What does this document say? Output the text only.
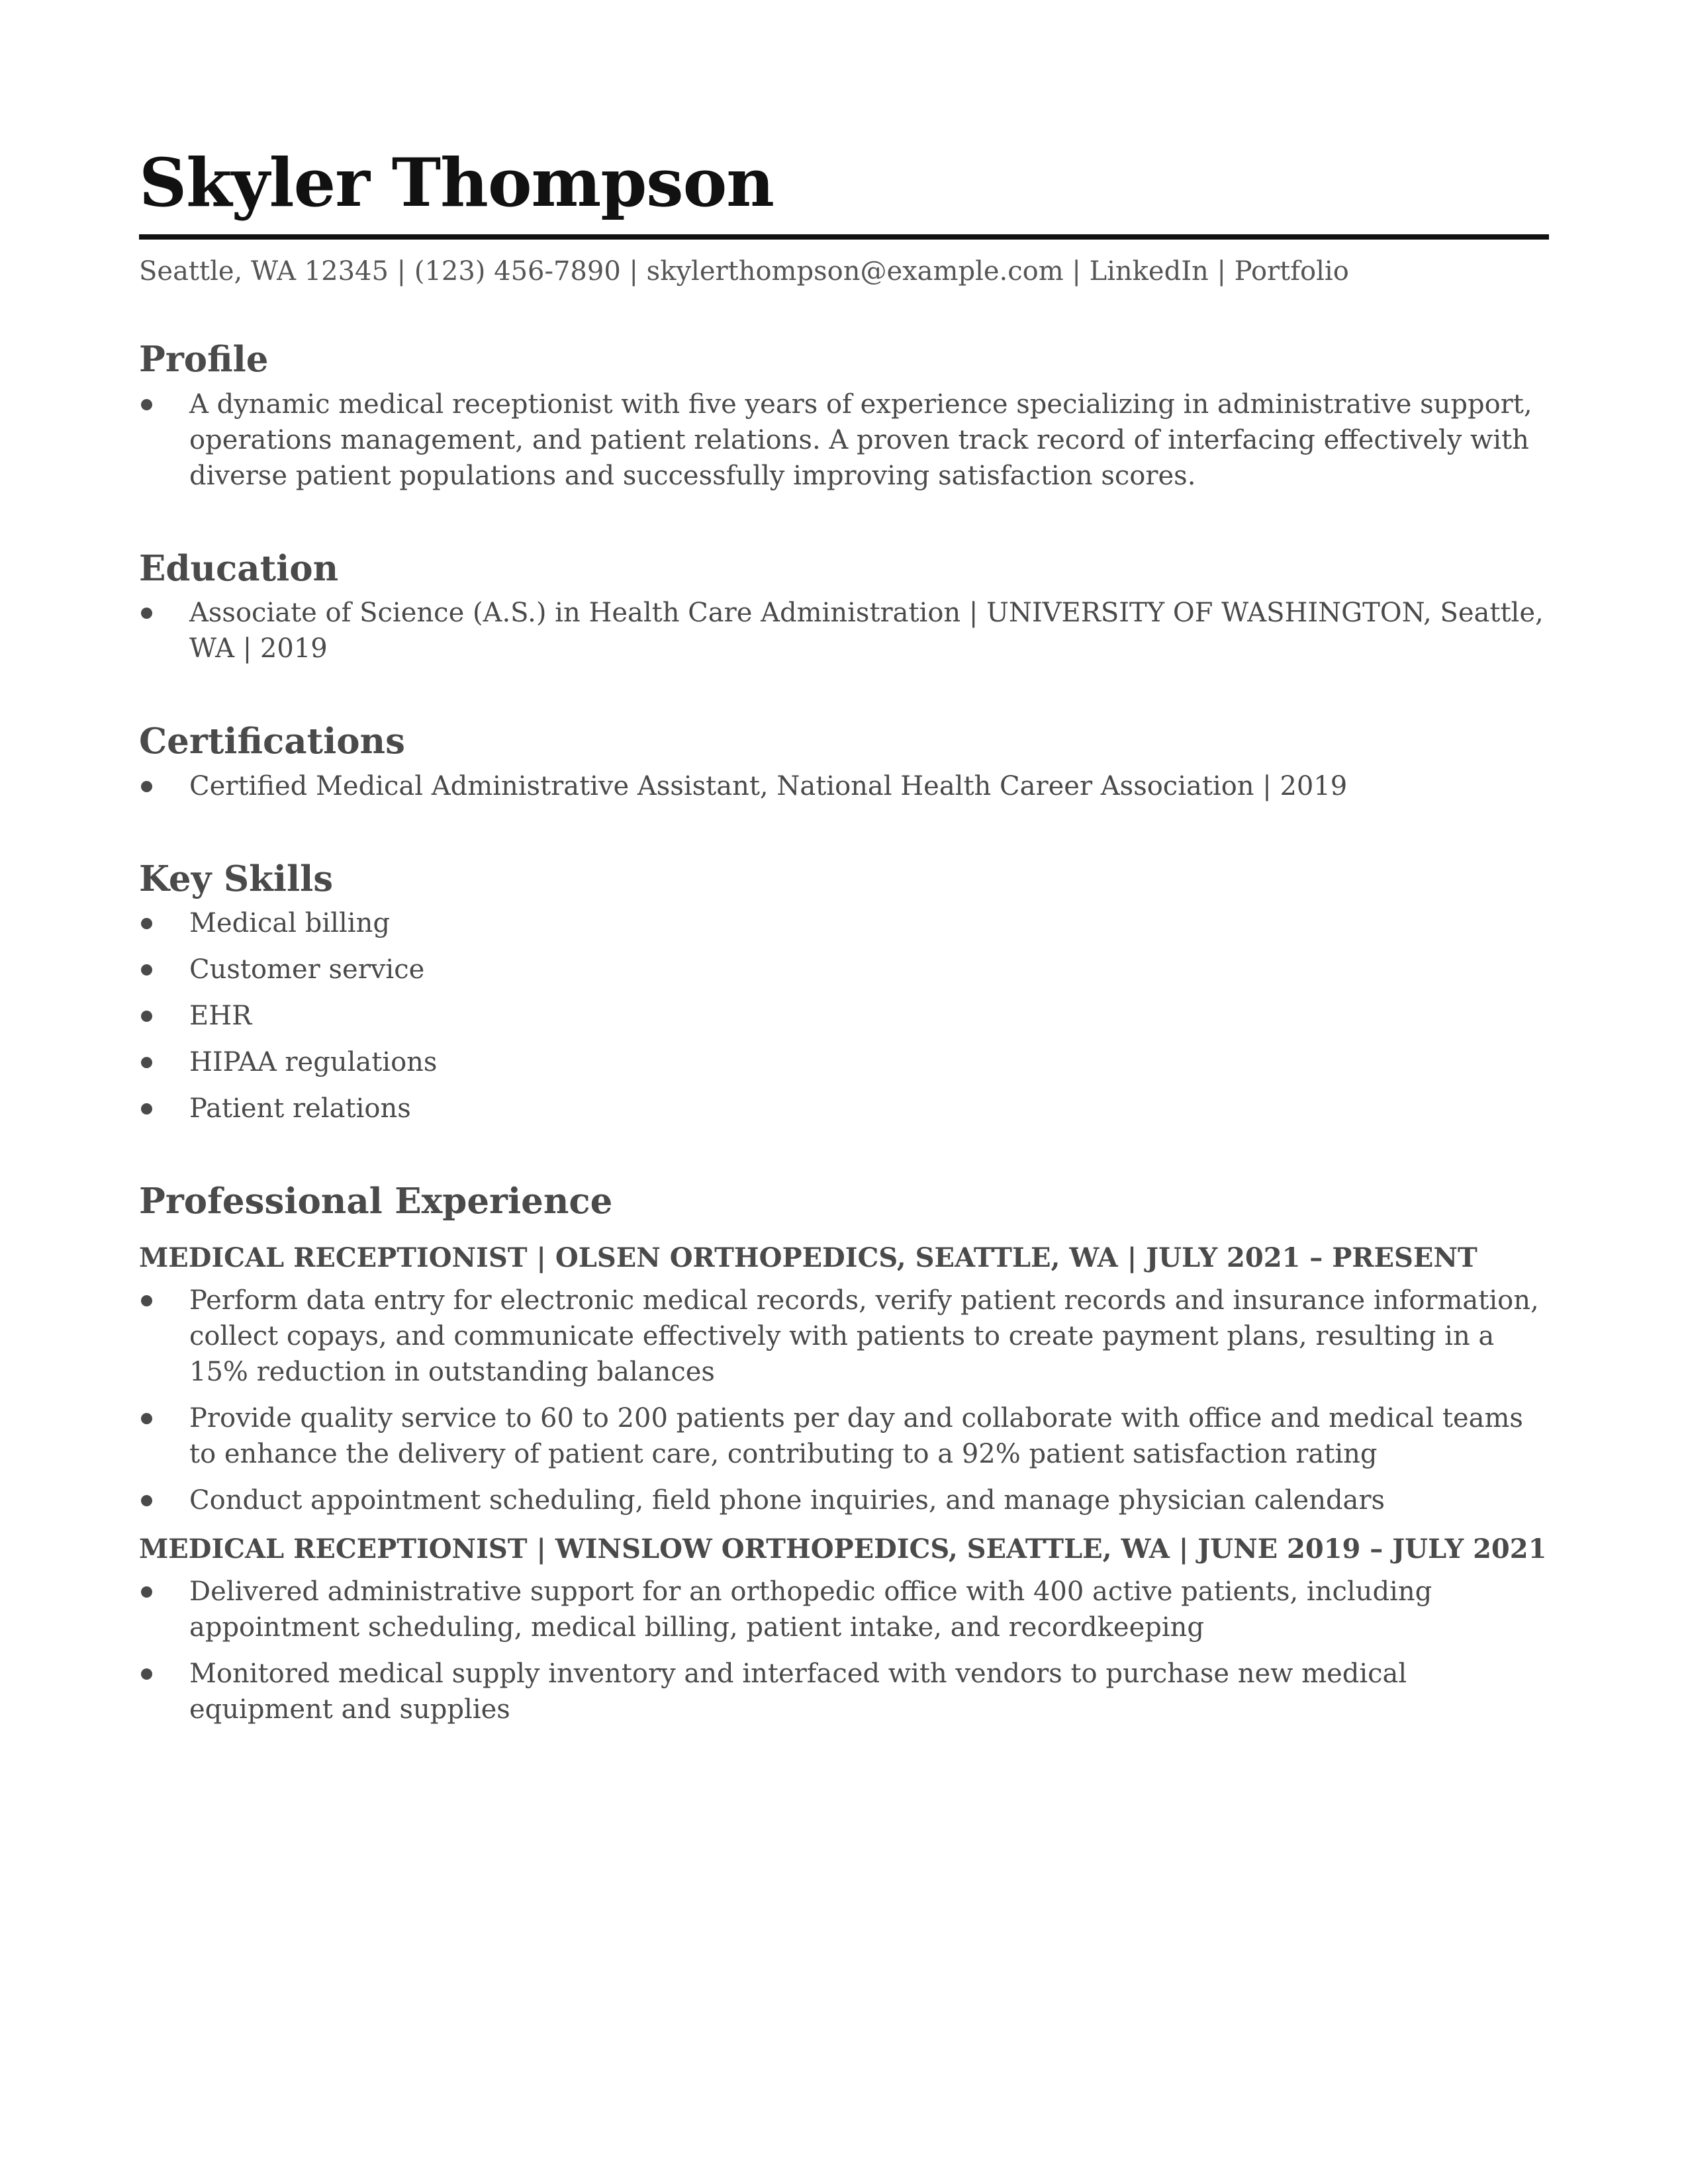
Skyler Thompson
Seattle, WA 12345 | (123) 456-7890 | skylerthompson@example.com | LinkedIn | Portfolio
Profile
A dynamic medical receptionist with five years of experience specializing in administrative support, operations management, and patient relations. A proven track record of interfacing effectively with diverse patient populations and successfully improving satisfaction scores.
Education
Associate of Science (A.S.) in Health Care Administration | UNIVERSITY OF WASHINGTON, Seattle, WA | 2019
Certifications
Certified Medical Administrative Assistant, National Health Career Association | 2019
Key Skills
Medical billing
Customer service
EHR
HIPAA regulations
Patient relations
Professional Experience
MEDICAL RECEPTIONIST | OLSEN ORTHOPEDICS, SEATTLE, WA | JULY 2021 – PRESENT
Perform data entry for electronic medical records, verify patient records and insurance information, collect copays, and communicate effectively with patients to create payment plans, resulting in a 15% reduction in outstanding balances
Provide quality service to 60 to 200 patients per day and collaborate with office and medical teams to enhance the delivery of patient care, contributing to a 92% patient satisfaction rating
Conduct appointment scheduling, field phone inquiries, and manage physician calendars
MEDICAL RECEPTIONIST | WINSLOW ORTHOPEDICS, SEATTLE, WA | JUNE 2019 – JULY 2021
Delivered administrative support for an orthopedic office with 400 active patients, including appointment scheduling, medical billing, patient intake, and recordkeeping
Monitored medical supply inventory and interfaced with vendors to purchase new medical equipment and supplies
